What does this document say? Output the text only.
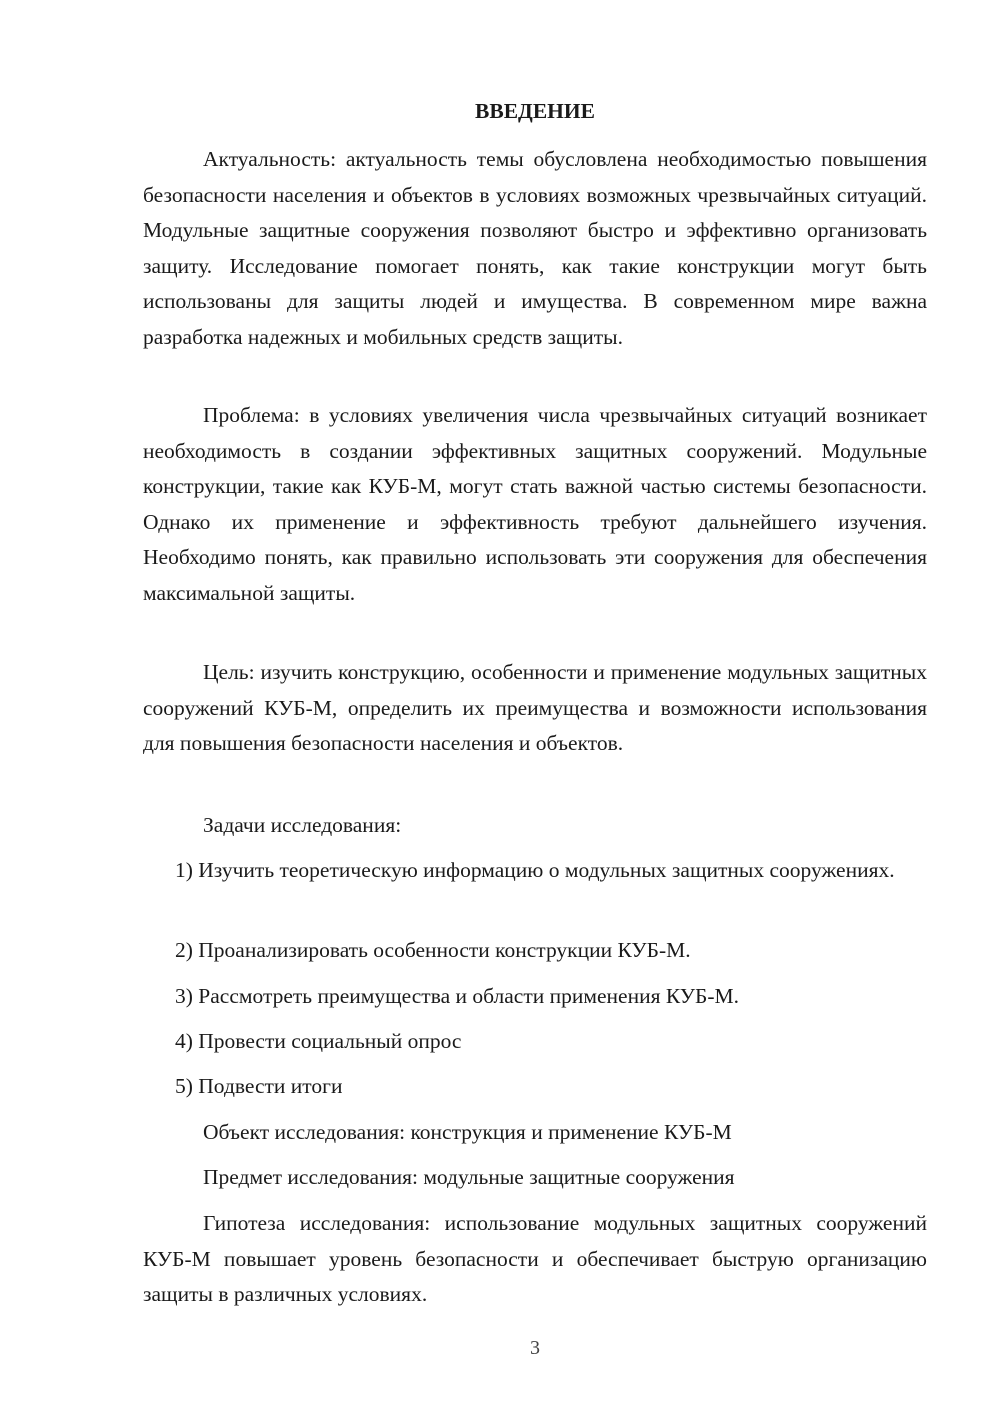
ВВЕДЕНИЕ

Актуальность: актуальность темы обусловлена необходимостью повышения безопасности населения и объектов в условиях возможных чрезвычайных ситуаций. Модульные защитные сооружения позволяют быстро и эффективно организовать защиту. Исследование помогает понять, как такие конструкции могут быть использованы для защиты людей и имущества. В современном мире важна разработка надежных и мобильных средств защиты.

Проблема: в условиях увеличения числа чрезвычайных ситуаций возникает необходимость в создании эффективных защитных сооружений. Модульные конструкции, такие как КУБ-М, могут стать важной частью системы безопасности. Однако их применение и эффективность требуют дальнейшего изучения. Необходимо понять, как правильно использовать эти сооружения для обеспечения максимальной защиты.

Цель: изучить конструкцию, особенности и применение модульных защитных сооружений КУБ-М, определить их преимущества и возможности использования для повышения безопасности населения и объектов.

Задачи исследования:

1) Изучить теоретическую информацию о модульных защитных сооружениях.

2) Проанализировать особенности конструкции КУБ-М.

3) Рассмотреть преимущества и области применения КУБ-М.

4) Провести социальный опрос

5) Подвести итоги

Объект исследования: конструкция и применение КУБ-М

Предмет исследования: модульные защитные сооружения

Гипотеза исследования: использование модульных защитных сооружений КУБ-М повышает уровень безопасности и обеспечивает быструю организацию защиты в различных условиях.

3
